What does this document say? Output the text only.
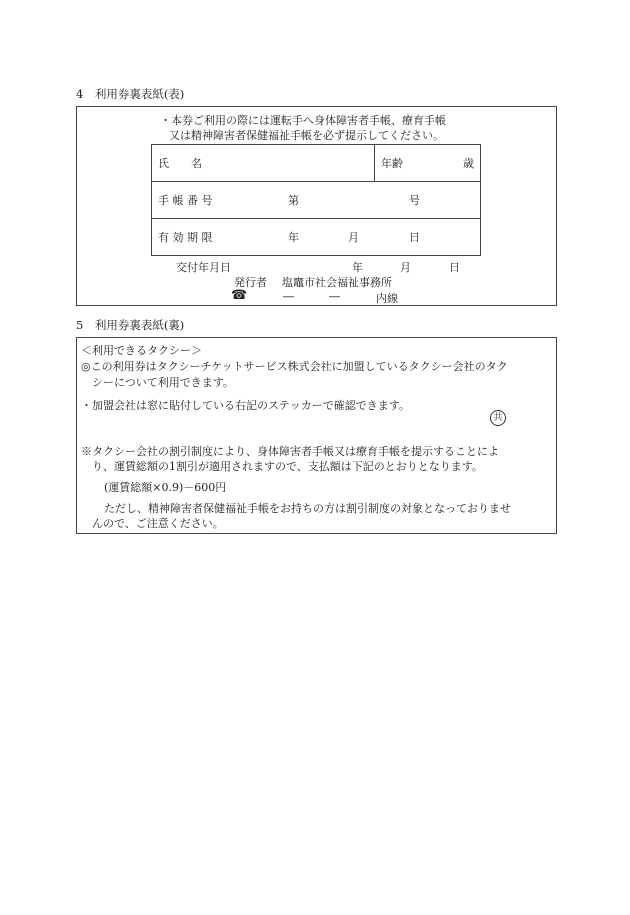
4　利用券裏表紙(表)
・本券ご利用の際には運転手へ身体障害者手帳、療育手帳
又は精神障害者保健福祉手帳を必ず提示してください。
氏　　名	年齢	歳

手 帳 番 号	第	号

有 効 期 限	年	月	日
交付年月日	年	月	日
発行者 塩竈市社会福祉事務所
☎	―	―	内線
5　利用券裏表紙(裏)
＜利用できるタクシー＞
◎この利用券はタクシーチケットサービス株式会社に加盟しているタクシー会社のタク
シーについて利用できます。
・加盟会社は窓に貼付している右記のステッカーで確認できます。
共
※タクシー会社の割引制度により、身体障害者手帳又は療育手帳を提示することによ
り、運賃総額の1割引が適用されますので、支払額は下記のとおりとなります。
(運賃総額×0.9)－600円
ただし、精神障害者保健福祉手帳をお持ちの方は割引制度の対象となっておりませ
んので、ご注意ください。
